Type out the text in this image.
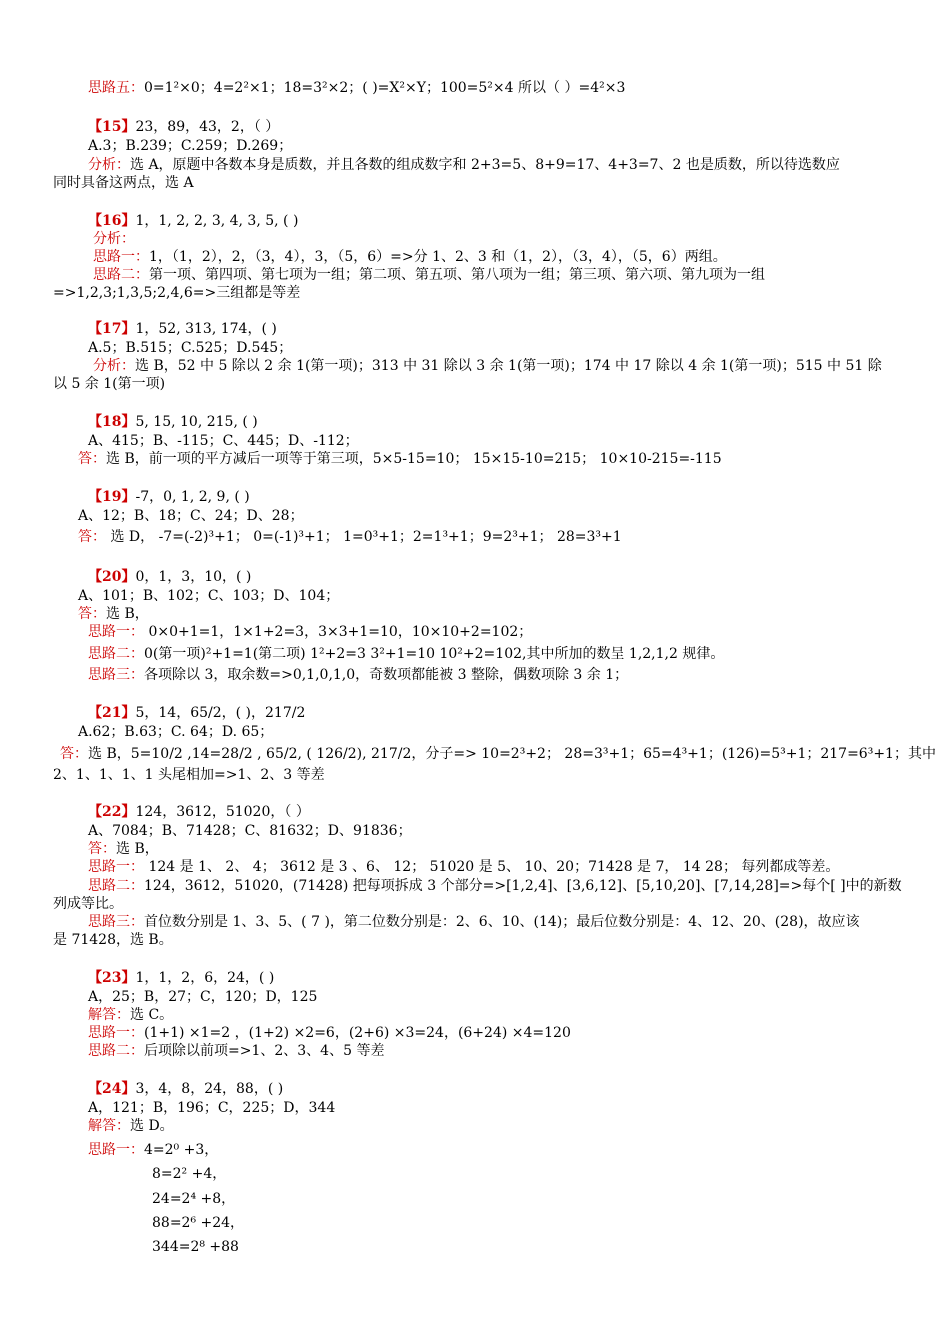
思路五：0=1²×0；4=2²×1；18=3²×2；( )=X²×Y；100=5²×4 所以（ ）=4²×3
【15】23，89，43，2，（ ）
A.3；B.239；C.259；D.269；
分析：选 A，原题中各数本身是质数，并且各数的组成数字和 2+3=5、8+9=17、4+3=7、2 也是质数，所以待选数应
同时具备这两点，选 A
【16】1，1, 2, 2, 3, 4, 3, 5, ( )
分析：
思路一：1，（1，2），2，（3，4），3，（5，6）=>分 1、2、3 和（1，2），（3，4），（5，6）两组。
思路二：第一项、第四项、第七项为一组；第二项、第五项、第八项为一组；第三项、第六项、第九项为一组
=>1,2,3;1,3,5;2,4,6=>三组都是等差
【17】1，52, 313, 174，( )
A.5；B.515；C.525；D.545；
分析：选 B，52 中 5 除以 2 余 1(第一项)；313 中 31 除以 3 余 1(第一项)；174 中 17 除以 4 余 1(第一项)；515 中 51 除
以 5 余 1(第一项)
【18】5, 15, 10, 215, ( )
A、415；B、-115；C、445；D、-112；
答：选 B，前一项的平方减后一项等于第三项，5×5-15=10； 15×15-10=215； 10×10-215=-115
【19】-7，0, 1, 2, 9, ( )
A、12；B、18；C、24；D、28；
答： 选 D， -7=(-2)³+1； 0=(-1)³+1； 1=0³+1；2=1³+1；9=2³+1； 28=3³+1
【20】0，1，3，10，( )
A、101；B、102；C、103；D、104；
答：选 B，
思路一： 0×0+1=1，1×1+2=3，3×3+1=10，10×10+2=102；
思路二：0(第一项)²+1=1(第二项) 1²+2=3 3²+1=10 10²+2=102,其中所加的数呈 1,2,1,2 规律。
思路三：各项除以 3，取余数=>0,1,0,1,0，奇数项都能被 3 整除，偶数项除 3 余 1；
【21】5，14，65/2，( )，217/2
A.62；B.63；C. 64；D. 65；
答：选 B，5=10/2 ,14=28/2 , 65/2, ( 126/2), 217/2，分子=> 10=2³+2； 28=3³+1；65=4³+1；(126)=5³+1；217=6³+1；其中
2、1、1、1、1 头尾相加=>1、2、3 等差
【22】124，3612，51020，（ ）
A、7084；B、71428；C、81632；D、91836；
答：选 B，
思路一： 124 是 1、 2、 4； 3612 是 3 、6、 12； 51020 是 5、 10、20；71428 是 7， 14 28； 每列都成等差。
思路二：124，3612，51020，(71428) 把每项拆成 3 个部分=>[1,2,4]、[3,6,12]、[5,10,20]、[7,14,28]=>每个[ ]中的新数
列成等比。
思路三：首位数分别是 1、3、5、( 7 )，第二位数分别是：2、6、10、(14)；最后位数分别是：4、12、20、(28)，故应该
是 71428，选 B。
【23】1，1，2，6，24，( )
A，25；B，27；C，120；D，125
解答：选 C。
思路一：(1+1) ×1=2 ，(1+2) ×2=6，(2+6) ×3=24，(6+24) ×4=120
思路二：后项除以前项=>1、2、3、4、5 等差
【24】3，4，8，24，88，( )
A，121；B，196；C，225；D，344
解答：选 D。
思路一：4=2⁰ +3，
8=2² +4，
24=2⁴ +8，
88=2⁶ +24，
344=2⁸ +88
